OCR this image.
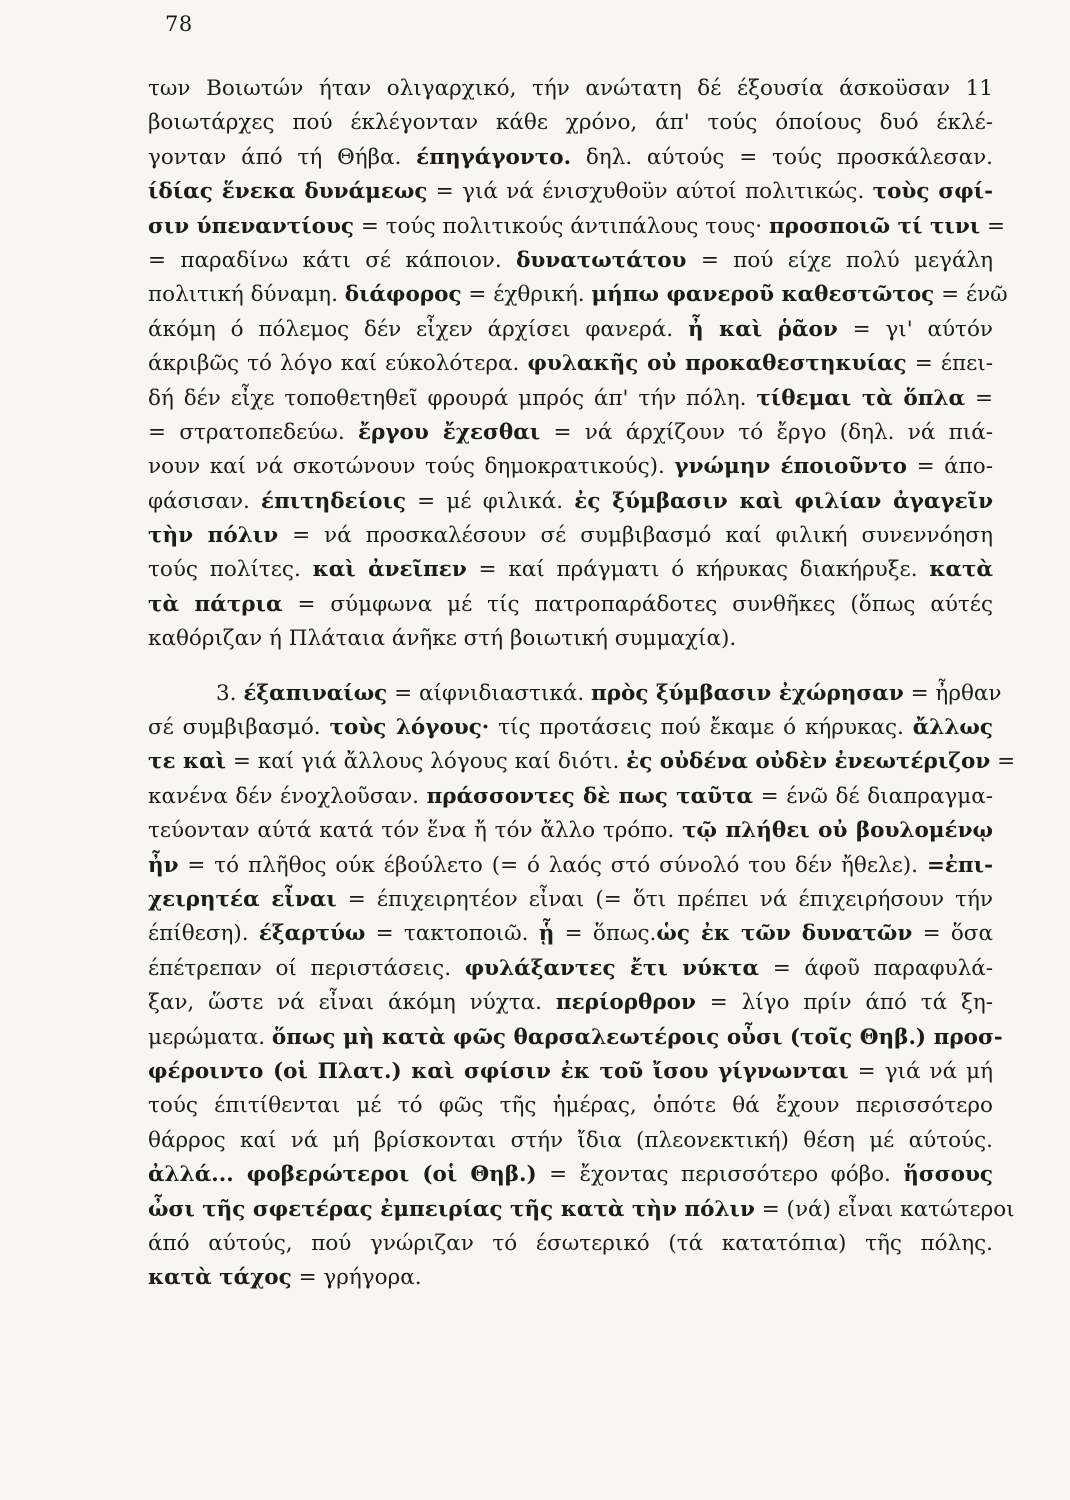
78
των Βοιωτών ήταν ολιγαρχικό, τήν ανώτατη δέ έξουσία άσκοϋσαν 11
βοιωτάρχες πού έκλέγονταν κάθε χρόνο, άπ' τούς όποίους δυό έκλέ-
γονταν άπό τή Θήβα. έπηγάγοντο. δηλ. αύτούς = τούς προσκάλεσαν.
ίδίας ἕνεκα δυνάμεως = γιά νά ένισχυθοϋν αύτοί πολιτικώς. τοὺς σφί-
σιν ύπεναντίους = τούς πολιτικούς άντιπάλους τους· προσποιῶ τί τινι =
= παραδίνω κάτι σέ κάποιον. δυνατωτάτου = πού είχε πολύ μεγάλη
πολιτική δύναμη. διάφορος = έχθρική. μήπω φανεροῦ καθεστῶτος = ένῶ
άκόμη ό πόλεμος δέν εἶχεν άρχίσει φανερά. ἦ καὶ ῥᾶον = γι' αύτόν
άκριβῶς τό λόγο καί εύκολότερα. φυλακῆς οὐ προκαθεστηκυίας = έπει-
δή δέν εἶχε τοποθετηθεῖ φρουρά μπρός άπ' τήν πόλη. τίθεμαι τὰ ὅπλα =
= στρατοπεδεύω. ἔργου ἔχεσθαι = νά άρχίζουν τό ἔργο (δηλ. νά πιά-
νουν καί νά σκοτώνουν τούς δημοκρατικούς). γνώμην έποιοῦντο = άπο-
φάσισαν. έπιτηδείοις = μέ φιλικά. ἐς ξύμβασιν καὶ φιλίαν ἀγαγεῖν
τὴν πόλιν = νά προσκαλέσουν σέ συμβιβασμό καί φιλική συνεννόηση
τούς πολίτες. καὶ ἀνεῖπεν = καί πράγματι ό κήρυκας διακήρυξε. κατὰ
τὰ πάτρια = σύμφωνα μέ τίς πατροπαράδοτες συνθῆκες (ὅπως αύτές
καθόριζαν ή Πλάταια άνῆκε στή βοιωτική συμμαχία).
3. έξαπιναίως = αίφνιδιαστικά. πρὸς ξύμβασιν ἐχώρησαν = ἦρθαν
σέ συμβιβασμό. τοὺς λόγους· τίς προτάσεις πού ἔκαμε ό κήρυκας. ἄλλως
τε καὶ = καί γιά ἄλλους λόγους καί διότι. ἐς οὐδένα οὐδὲν ἐνεωτέριζον =
κανένα δέν ένοχλοῦσαν. πράσσοντες δὲ πως ταῦτα = ένῶ δέ διαπραγμα-
τεύονταν αύτά κατά τόν ἕνα ἤ τόν ἄλλο τρόπο. τῷ πλήθει οὐ βουλομένῳ
ἦν = τό πλῆθος ούκ έβούλετο (= ό λαός στό σύνολό του δέν ἤθελε). =ἐπι-
χειρητέα εἶναι = έπιχειρητέον εἶναι (= ὅτι πρέπει νά έπιχειρήσουν τήν
έπίθεση). έξαρτύω = τακτοποιῶ. ᾗ = ὅπως.ὡς ἐκ τῶν δυνατῶν = ὅσα
έπέτρεπαν οί περιστάσεις. φυλάξαντες ἔτι νύκτα = άφοῦ παραφυλά-
ξαν, ὥστε νά εἶναι άκόμη νύχτα. περίορθρον = λίγο πρίν άπό τά ξη-
μερώματα. ὅπως μὴ κατὰ φῶς θαρσαλεωτέροις οὖσι (τοῖς Θηβ.) προσ-
φέροιντο (οἱ Πλατ.) καὶ σφίσιν ἐκ τοῦ ἴσου γίγνωνται = γιά νά μή
τούς έπιτίθενται μέ τό φῶς τῆς ἡμέρας, ὁπότε θά ἔχουν περισσότερο
θάρρος καί νά μή βρίσκονται στήν ἴδια (πλεονεκτική) θέση μέ αύτούς.
ἀλλά... φοβερώτεροι (οἱ Θηβ.) = ἔχοντας περισσότερο φόβο. ἥσσους
ὦσι τῆς σφετέρας ἐμπειρίας τῆς κατὰ τὴν πόλιν = (νά) εἶναι κατώτεροι
άπό αύτούς, πού γνώριζαν τό έσωτερικό (τά κατατόπια) τῆς πόλης.
κατὰ τάχος = γρήγορα.
